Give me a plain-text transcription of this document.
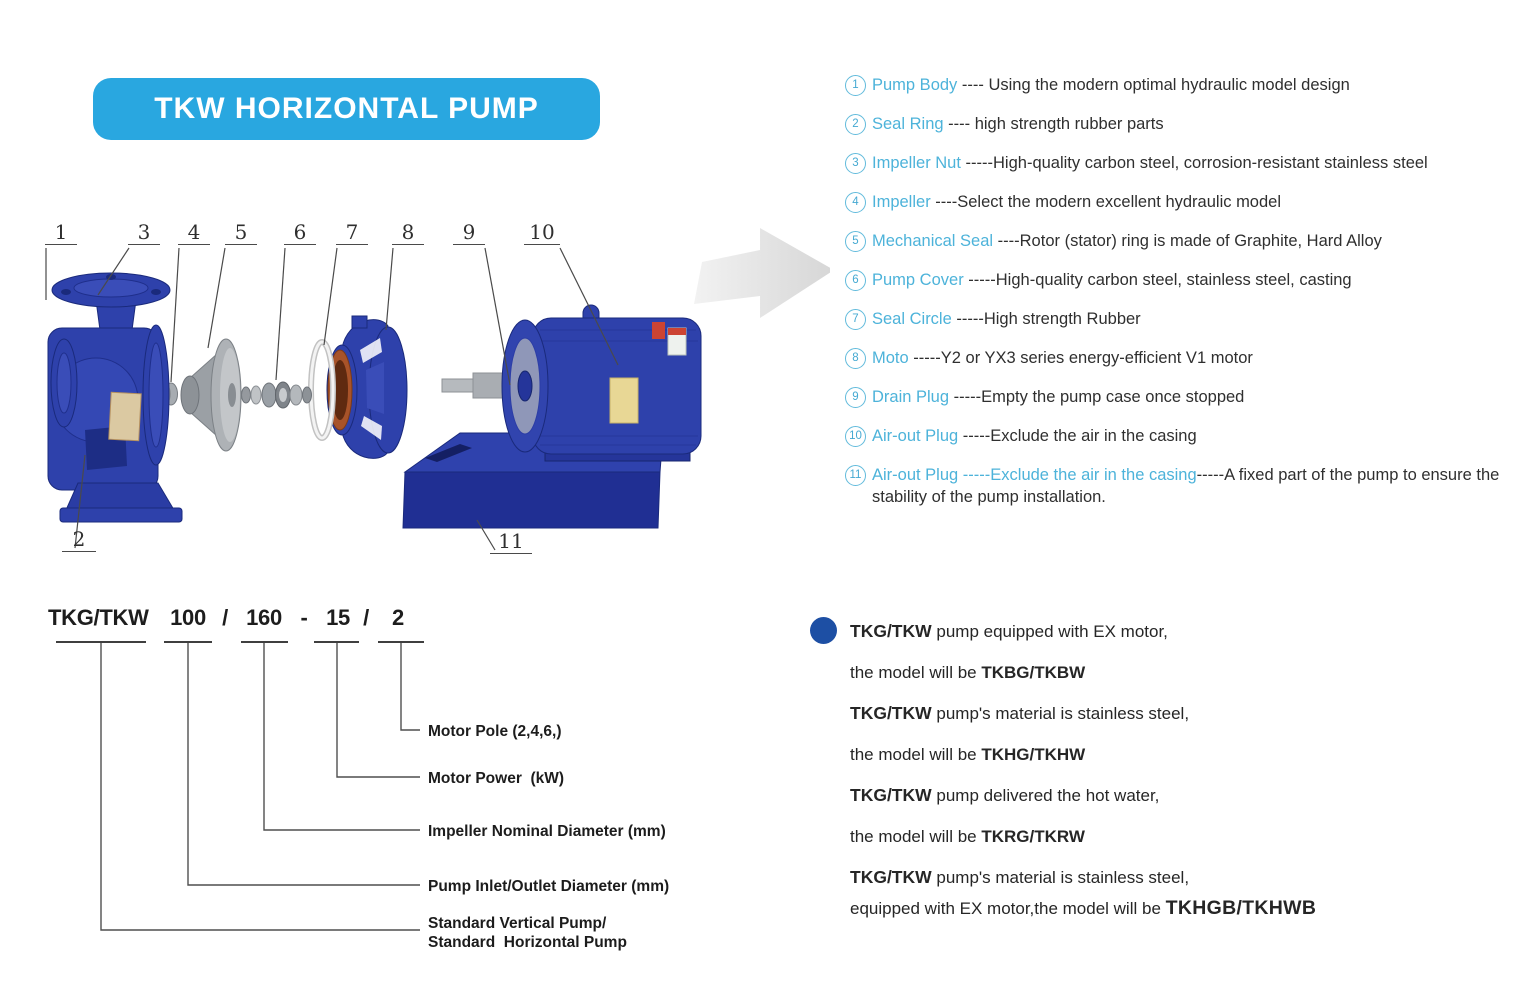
TKW HORIZONTAL PUMP
1
2
3	4	5	6	7	8	9	10
11
1 Pump Body ---- Using the modern optimal hydraulic model design
2 Seal Ring ---- high strength rubber parts
3 Impeller Nut -----High-quality carbon steel, corrosion-resistant stainless steel
4 Impeller ----Select the modern excellent hydraulic model
5 Mechanical Seal ----Rotor (stator) ring is made of Graphite, Hard Alloy
6 Pump Cover -----High-quality carbon steel, stainless steel, casting
7 Seal Circle -----High strength Rubber
8 Moto -----Y2 or YX3 series energy-efficient V1 motor
9 Drain Plug -----Empty the pump case once stopped
10 Air-out Plug -----Exclude the air in the casing
11 Air-out Plug -----Exclude the air in the casing-----A fixed part of the pump to ensure the stability of the pump installation.
TKG/TKW 100 / 160 - 15 /	2
Motor Pole (2,4,6,)
Motor Power  (kW)
Impeller Nominal Diameter (mm)
Pump Inlet/Outlet Diameter (mm)
Standard Vertical Pump/
Standard  Horizontal Pump
TKG/TKW pump equipped with EX motor,
the model will be TKBG/TKBW
TKG/TKW pump's material is stainless steel,
the model will be TKHG/TKHW
TKG/TKW pump delivered the hot water,
the model will be TKRG/TKRW
TKG/TKW pump's material is stainless steel,
equipped with EX motor,the model will be TKHGB/TKHWB
